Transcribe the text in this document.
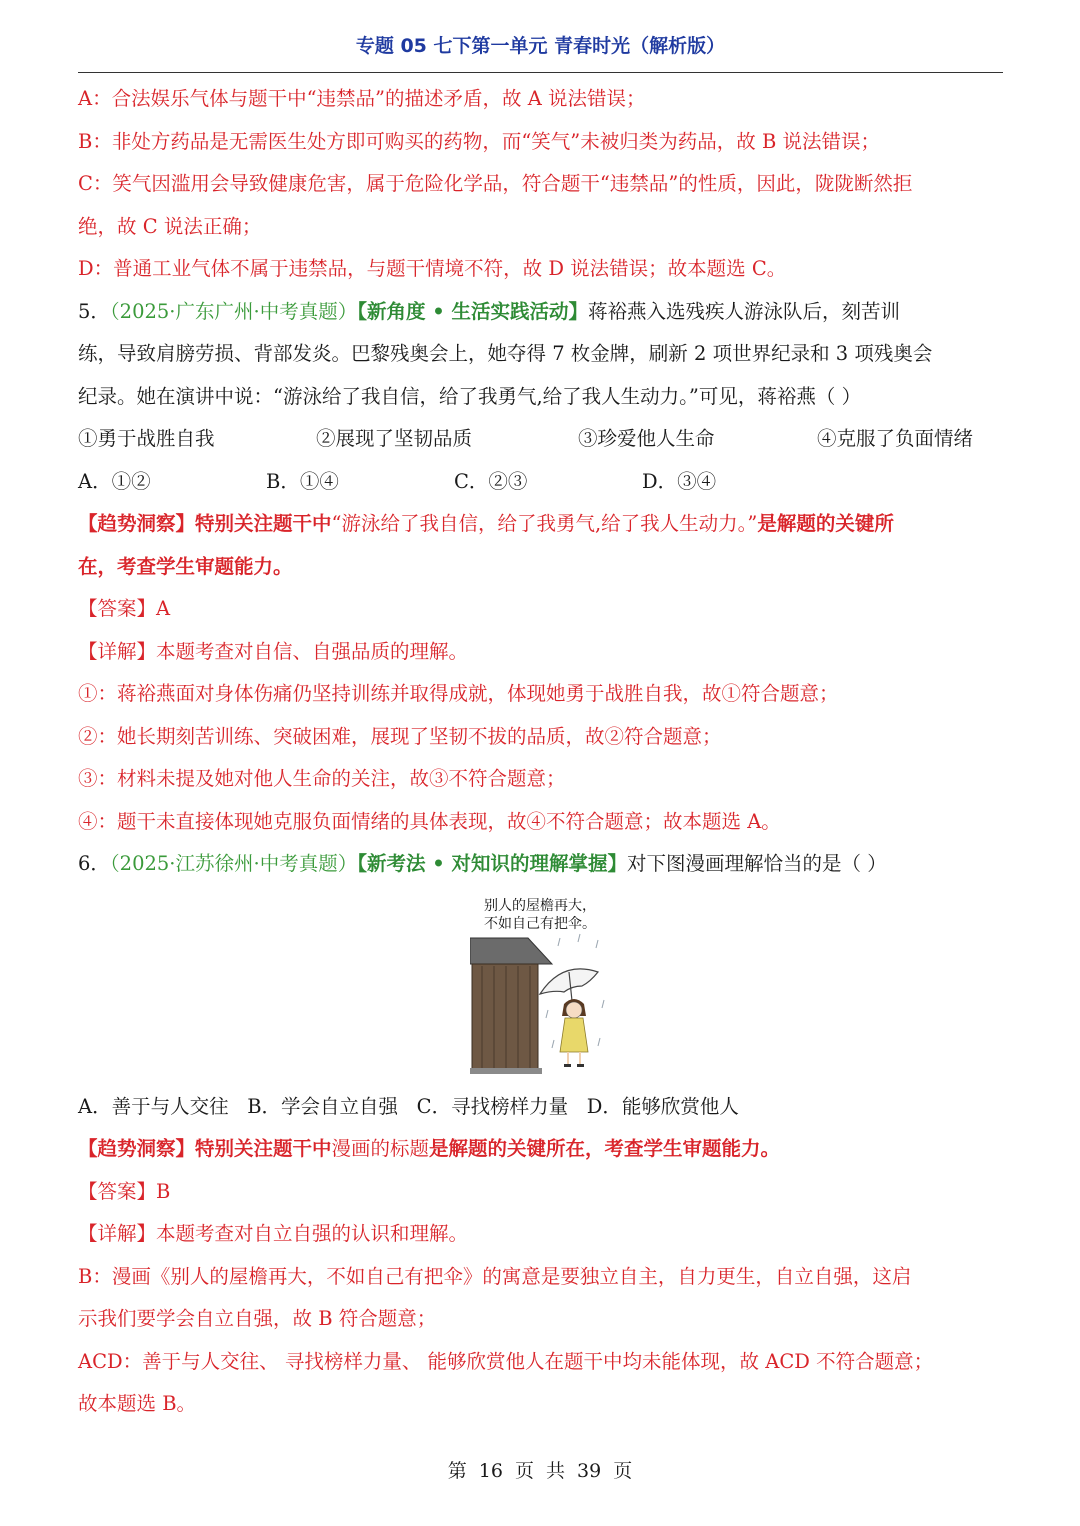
专题 05 七下第一单元 青春时光（解析版）
A：合法娱乐气体与题干中“违禁品”的描述矛盾，故 A 说法错误；
B：非处方药品是无需医生处方即可购买的药物，而“笑气”未被归类为药品，故 B 说法错误；
C：笑气因滥用会导致健康危害，属于危险化学品，符合题干“违禁品”的性质，因此，陇陇断然拒
绝，故 C 说法正确；
D：普通工业气体不属于违禁品，与题干情境不符，故 D 说法错误；故本题选 C。
5．（2025·广东广州·中考真题）【新角度 • 生活实践活动】蒋裕燕入选残疾人游泳队后，刻苦训
练，导致肩膀劳损、背部发炎。巴黎残奥会上，她夺得 7 枚金牌，刷新 2 项世界纪录和 3 项残奥会
纪录。她在演讲中说：“游泳给了我自信，给了我勇气,给了我人生动力。”可见，蒋裕燕（ ）
①勇于战胜自我	②展现了坚韧品质	③珍爱他人生命	④克服了负面情绪
A．①②	B．①④	C．②③	D．③④
【趋势洞察】特别关注题干中“游泳给了我自信，给了我勇气,给了我人生动力。”是解题的关键所
在，考查学生审题能力。
【答案】A
【详解】本题考查对自信、自强品质的理解。
①：蒋裕燕面对身体伤痛仍坚持训练并取得成就，体现她勇于战胜自我，故①符合题意；
②：她长期刻苦训练、突破困难，展现了坚韧不拔的品质，故②符合题意；
③：材料未提及她对他人生命的关注，故③不符合题意；
④：题干未直接体现她克服负面情绪的具体表现，故④不符合题意；故本题选 A。
6．（2025·江苏徐州·中考真题）【新考法 • 对知识的理解掌握】对下图漫画理解恰当的是（ ）
A．善于与人交往 B．学会自立自强 C．寻找榜样力量 D．能够欣赏他人
【趋势洞察】特别关注题干中漫画的标题是解题的关键所在，考查学生审题能力。
【答案】B
【详解】本题考查对自立自强的认识和理解。
B：漫画《别人的屋檐再大，不如自己有把伞》的寓意是要独立自主，自力更生，自立自强，这启
示我们要学会自立自强，故 B 符合题意；
ACD：善于与人交往、 寻找榜样力量、 能够欣赏他人在题干中均未能体现，故 ACD 不符合题意；
故本题选 B。
别人的屋檐再大，
不如自己有把伞。
第 16 页 共 39 页
